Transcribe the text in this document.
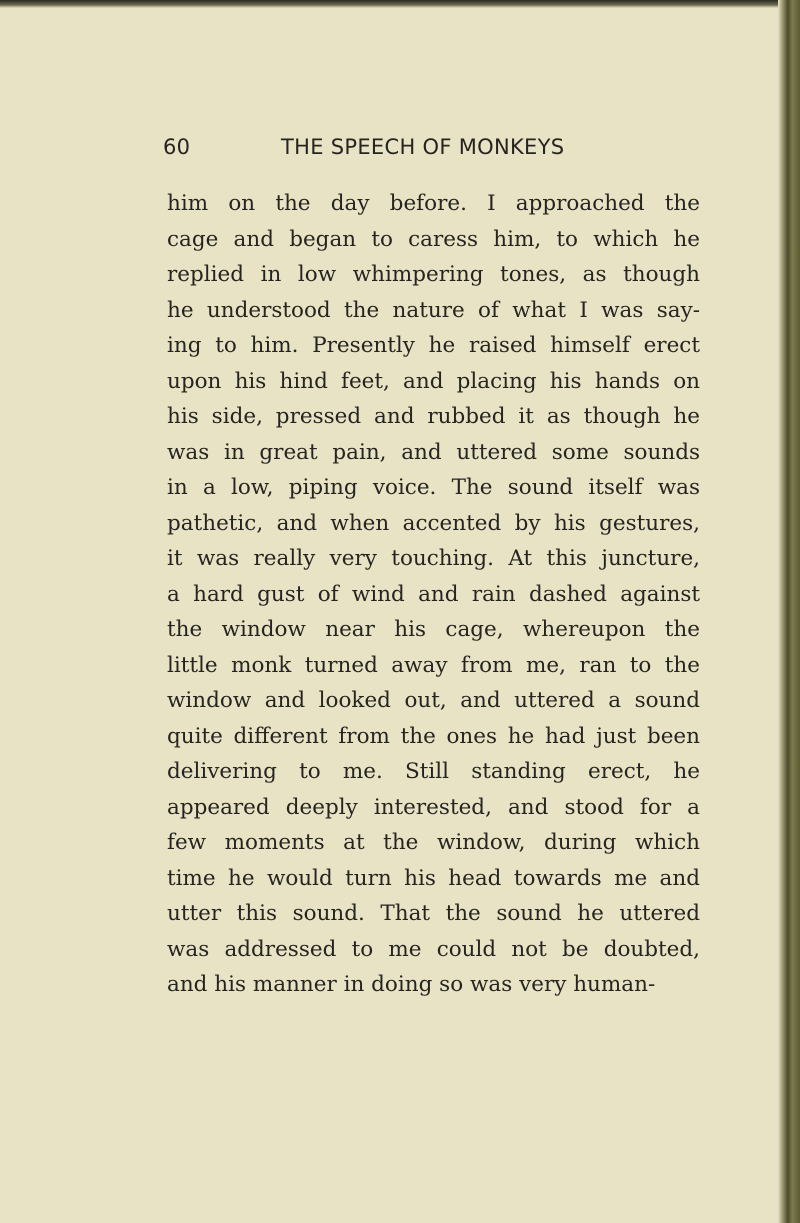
60	THE SPEECH OF MONKEYS
him on the day before. I approached the
cage and began to caress him, to which he
replied in low whimpering tones, as though
he understood the nature of what I was say-
ing to him. Presently he raised himself erect
upon his hind feet, and placing his hands on
his side, pressed and rubbed it as though he
was in great pain, and uttered some sounds
in a low, piping voice. The sound itself was
pathetic, and when accented by his gestures,
it was really very touching. At this juncture,
a hard gust of wind and rain dashed against
the window near his cage, whereupon the
little monk turned away from me, ran to the
window and looked out, and uttered a sound
quite different from the ones he had just been
delivering to me. Still standing erect, he
appeared deeply interested, and stood for a
few moments at the window, during which
time he would turn his head towards me and
utter this sound. That the sound he uttered
was addressed to me could not be doubted,
and his manner in doing so was very human-
